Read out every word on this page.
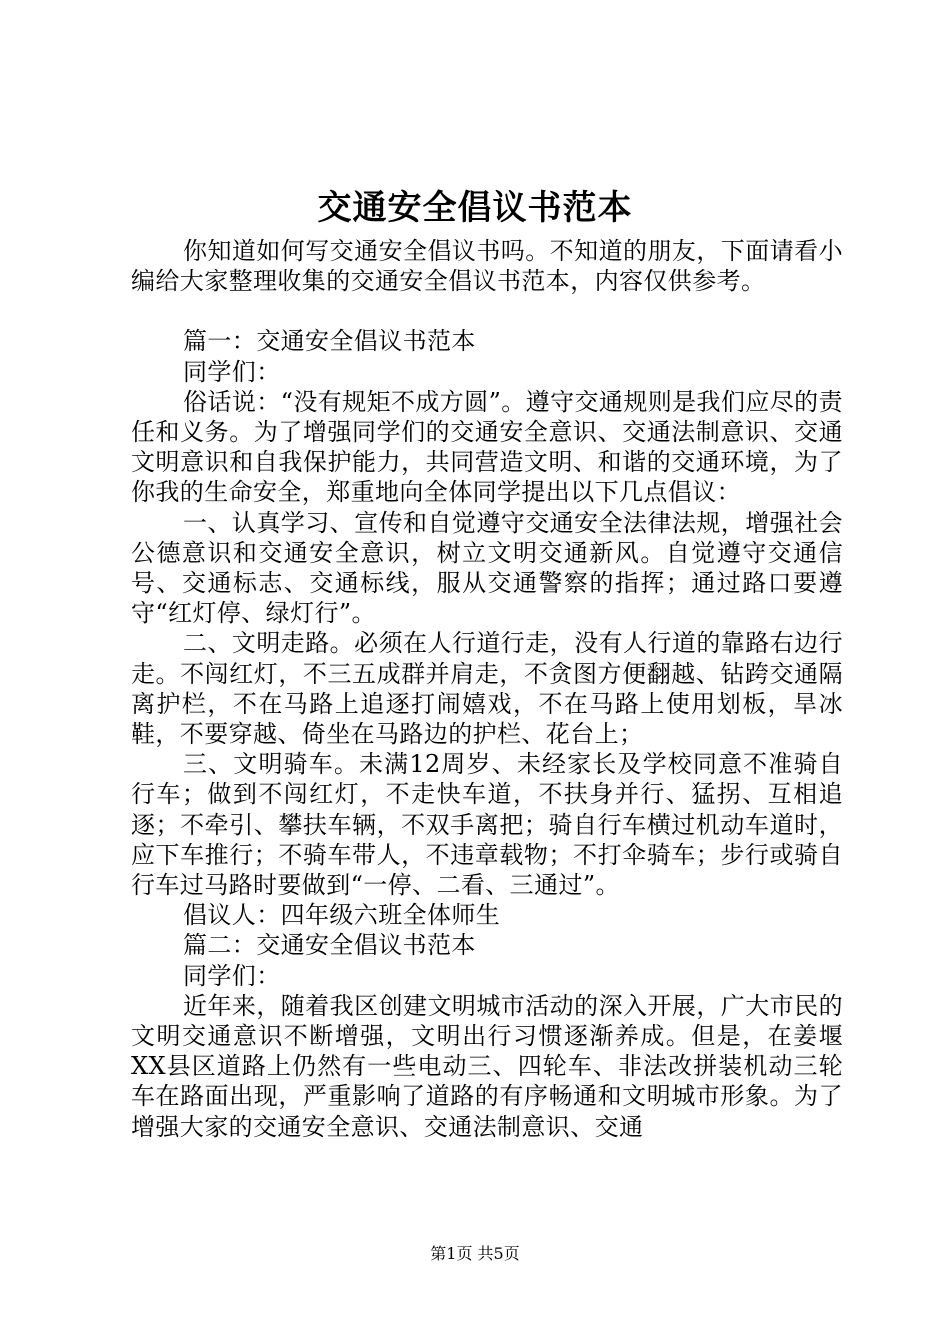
交通安全倡议书范本

你知道如何写交通安全倡议书吗。不知道的朋友，下面请看小编给大家整理收集的交通安全倡议书范本，内容仅供参考。

篇一：交通安全倡议书范本

同学们：

俗话说：“没有规矩不成方圆”。遵守交通规则是我们应尽的责任和义务。为了增强同学们的交通安全意识、交通法制意识、交通文明意识和自我保护能力，共同营造文明、和谐的交通环境，为了你我的生命安全，郑重地向全体同学提出以下几点倡议：

一、认真学习、宣传和自觉遵守交通安全法律法规，增强社会公德意识和交通安全意识，树立文明交通新风。自觉遵守交通信号、交通标志、交通标线，服从交通警察的指挥；通过路口要遵守“红灯停、绿灯行”。

二、文明走路。必须在人行道行走，没有人行道的靠路右边行走。不闯红灯，不三五成群并肩走，不贪图方便翻越、钻跨交通隔离护栏，不在马路上追逐打闹嬉戏，不在马路上使用划板，旱冰鞋，不要穿越、倚坐在马路边的护栏、花台上；

三、文明骑车。未满12周岁、未经家长及学校同意不准骑自行车；做到不闯红灯，不走快车道，不扶身并行、猛拐、互相追逐；不牵引、攀扶车辆，不双手离把；骑自行车横过机动车道时，应下车推行；不骑车带人，不违章载物；不打伞骑车；步行或骑自行车过马路时要做到“一停、二看、三通过”。

倡议人：四年级六班全体师生

篇二：交通安全倡议书范本

同学们：

近年来，随着我区创建文明城市活动的深入开展，广大市民的文明交通意识不断增强，文明出行习惯逐渐养成。但是，在姜堰XX县区道路上仍然有一些电动三、四轮车、非法改拼装机动三轮车在路面出现，严重影响了道路的有序畅通和文明城市形象。为了增强大家的交通安全意识、交通法制意识、交通

第1页 共5页
